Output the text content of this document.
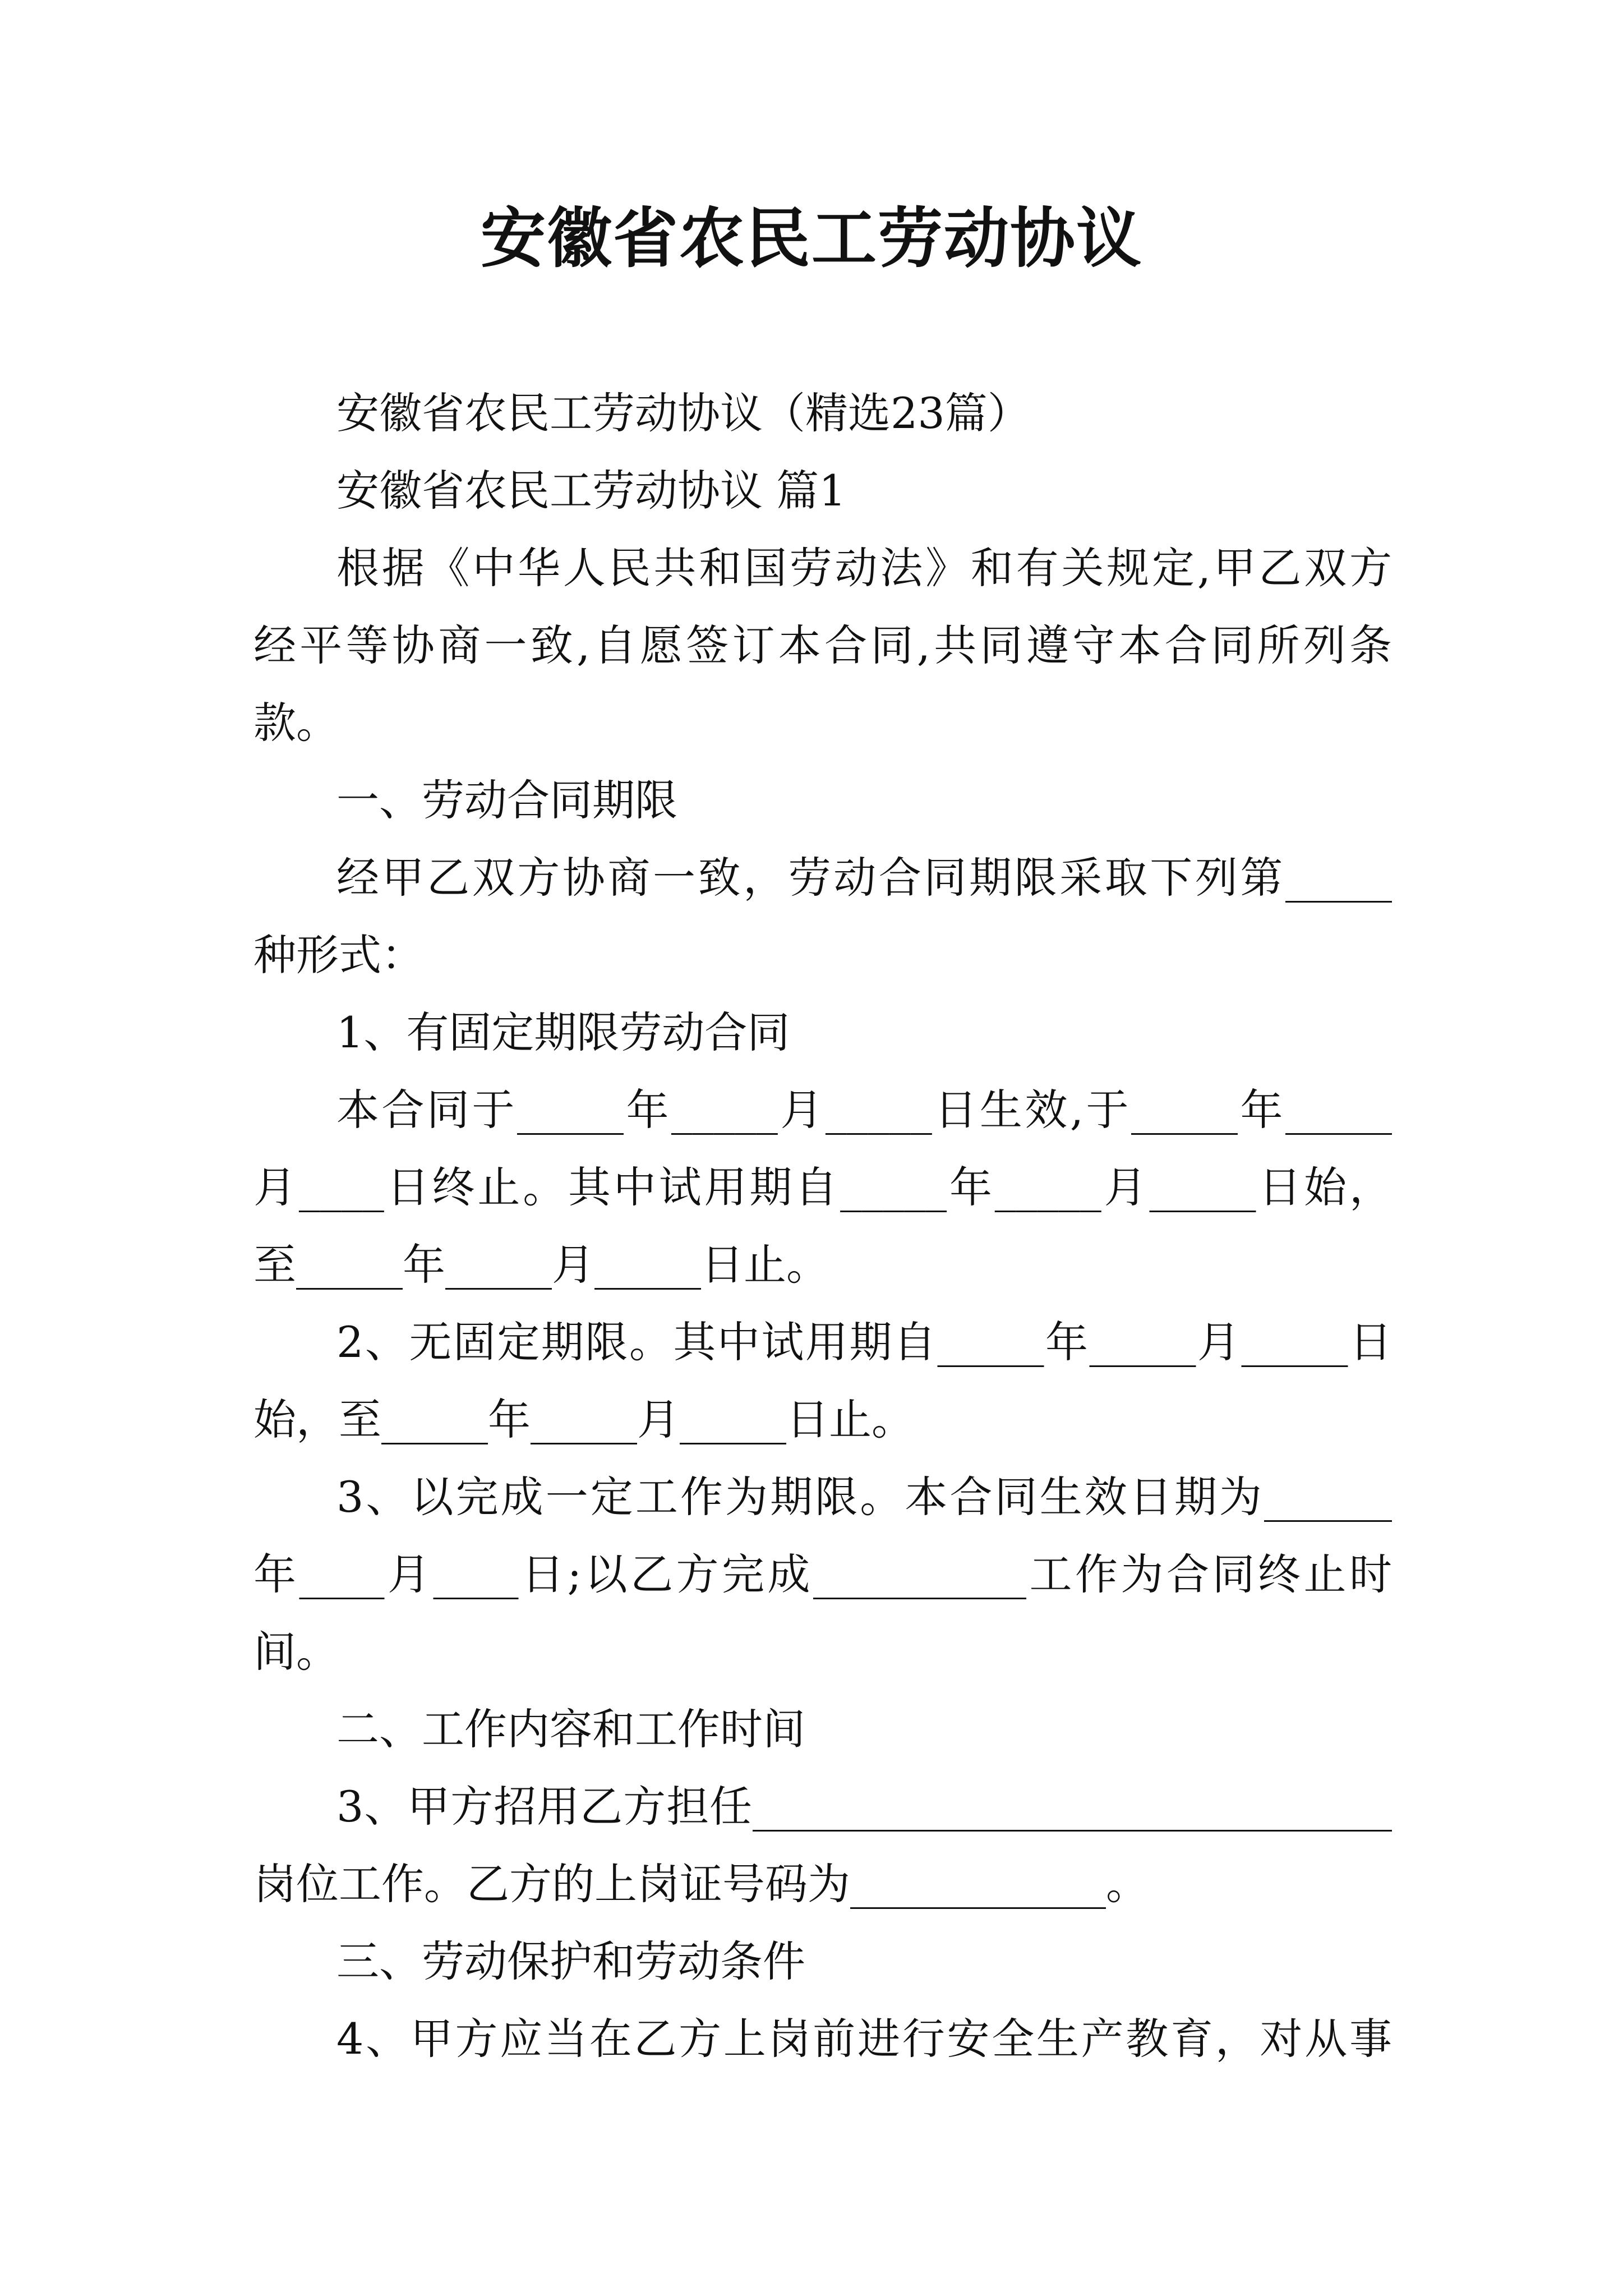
安徽省农民工劳动协议
安徽省农民工劳动协议（精选23篇）
安徽省农民工劳动协议 篇1
根据《中华人民共和国劳动法》和有关规定,甲乙双方
经平等协商一致,自愿签订本合同,共同遵守本合同所列条
款。
一、劳动合同期限
经甲乙双方协商一致，劳动合同期限采取下列第_____
种形式：
1、有固定期限劳动合同
本合同于_____年_____月_____日生效,于_____年_____
月____日终止。其中试用期自_____年_____月_____日始，
至_____年_____月_____日止。
2、无固定期限。其中试用期自_____年_____月_____日
始，至_____年_____月_____日止。
3、以完成一定工作为期限。本合同生效日期为______
年____月____日;以乙方完成__________工作为合同终止时
间。
二、工作内容和工作时间
3、甲方招用乙方担任______________________________
岗位工作。乙方的上岗证号码为____________。
三、劳动保护和劳动条件
4、甲方应当在乙方上岗前进行安全生产教育，对从事
